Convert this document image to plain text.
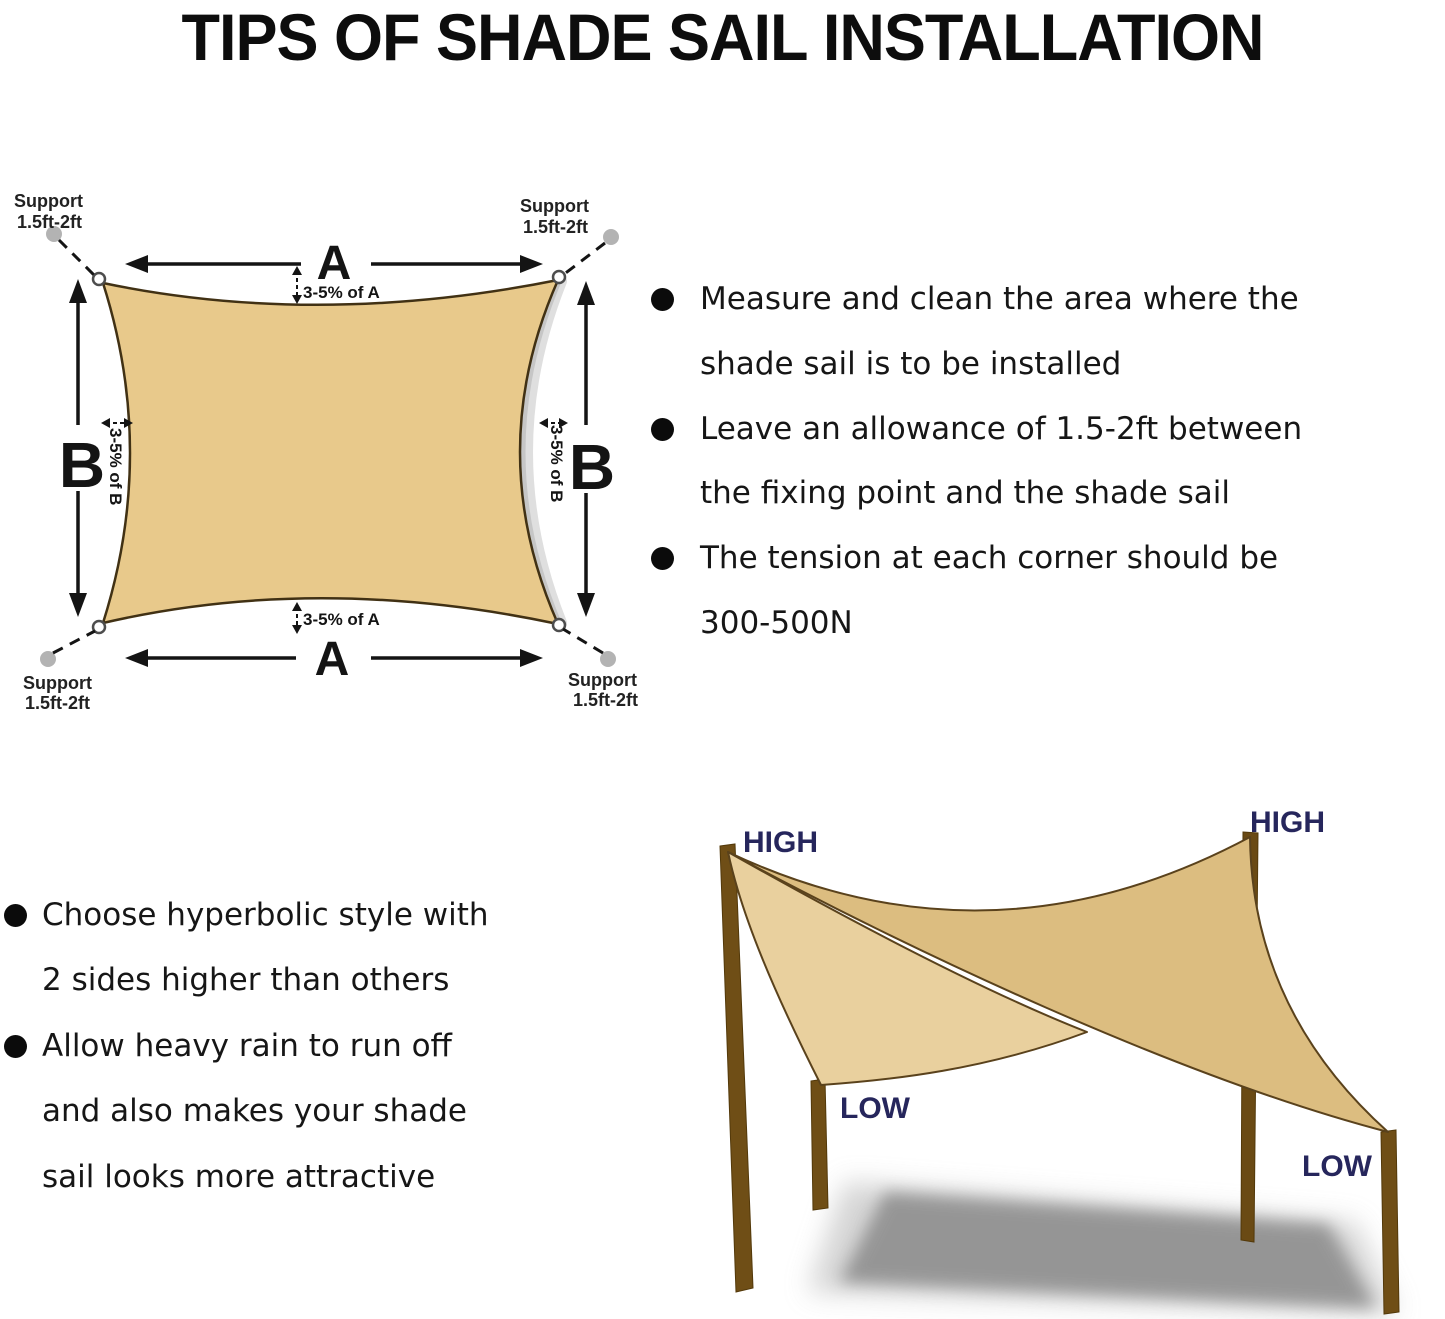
TIPS OF SHADE SAIL INSTALLATION
A
A
B	B
3-5% of A
3-5% of A
3-5% of B	3-5% of B
Support
1.5ft-2ft
Support
1.5ft-2ft
Support
1.5ft-2ft
Support
1.5ft-2ft
Measure and clean the area where the
shade sail is to be installed
Leave an allowance of 1.5-2ft between
the fixing point and the shade sail
The tension at each corner should be
300-500N
Choose hyperbolic style with
2 sides higher than others
Allow heavy rain to run off
and also makes your shade
sail looks more attractive
HIGH
HIGH
LOW
LOW
